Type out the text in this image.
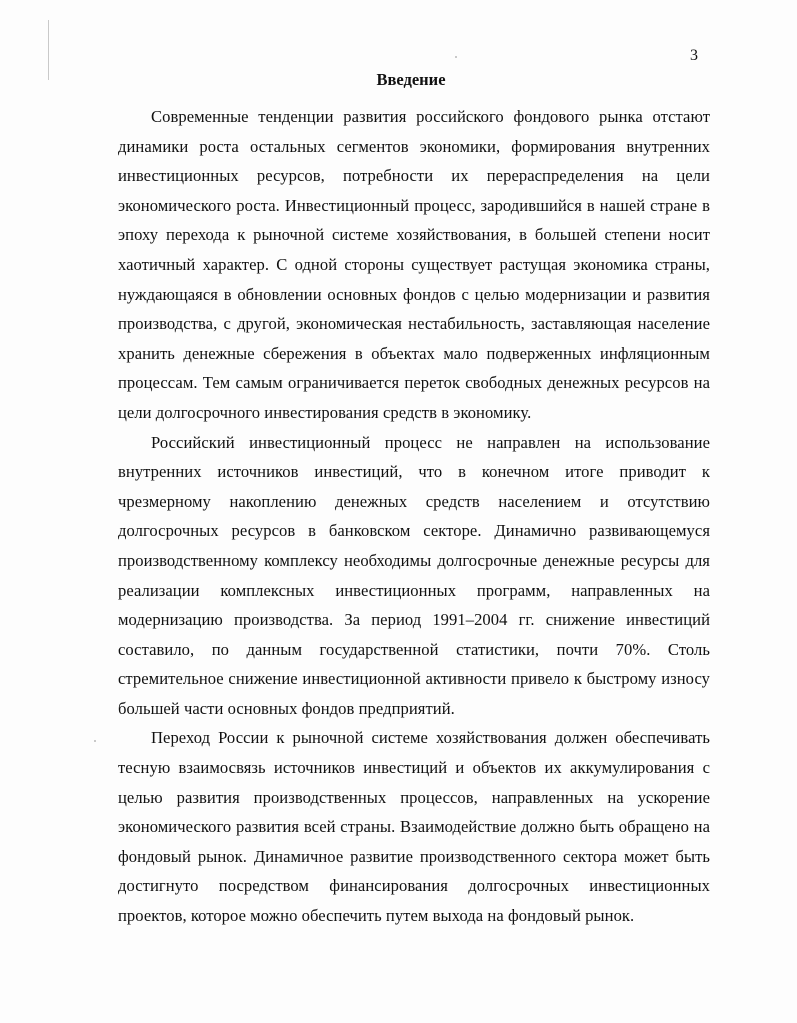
3
Введение

Современные тенденции развития российского фондового рынка отстают динамики роста остальных сегментов экономики, формирования внутренних инвестиционных ресурсов, потребности их перераспределения на цели экономического роста. Инвестиционный процесс, зародившийся в нашей стране в эпоху перехода к рыночной системе хозяйствования, в большей степени носит хаотичный характер. С одной стороны существует растущая экономика страны, нуждающаяся в обновлении основных фондов с целью модернизации и развития производства, с другой, экономическая нестабильность, заставляющая население хранить денежные сбережения в объектах мало подверженных инфляционным процессам. Тем самым ограничивается переток свободных денежных ресурсов на цели долгосрочного инвестирования средств в экономику.

Российский инвестиционный процесс не направлен на использование внутренних источников инвестиций, что в конечном итоге приводит к чрезмерному накоплению денежных средств населением и отсутствию долгосрочных ресурсов в банковском секторе. Динамично развивающемуся производственному комплексу необходимы долгосрочные денежные ресурсы для реализации комплексных инвестиционных программ, направленных на модернизацию производства. За период 1991–2004 гг. снижение инвестиций составило, по данным государственной статистики, почти 70%. Столь стремительное снижение инвестиционной активности привело к быстрому износу большей части основных фондов предприятий.

Переход России к рыночной системе хозяйствования должен обеспечивать тесную взаимосвязь источников инвестиций и объектов их аккумулирования с целью развития производственных процессов, направленных на ускорение экономического развития всей страны. Взаимодействие должно быть обращено на фондовый рынок. Динамичное развитие производственного сектора может быть достигнуто посредством финансирования долгосрочных инвестиционных проектов, которое можно обеспечить путем выхода на фондовый рынок.
